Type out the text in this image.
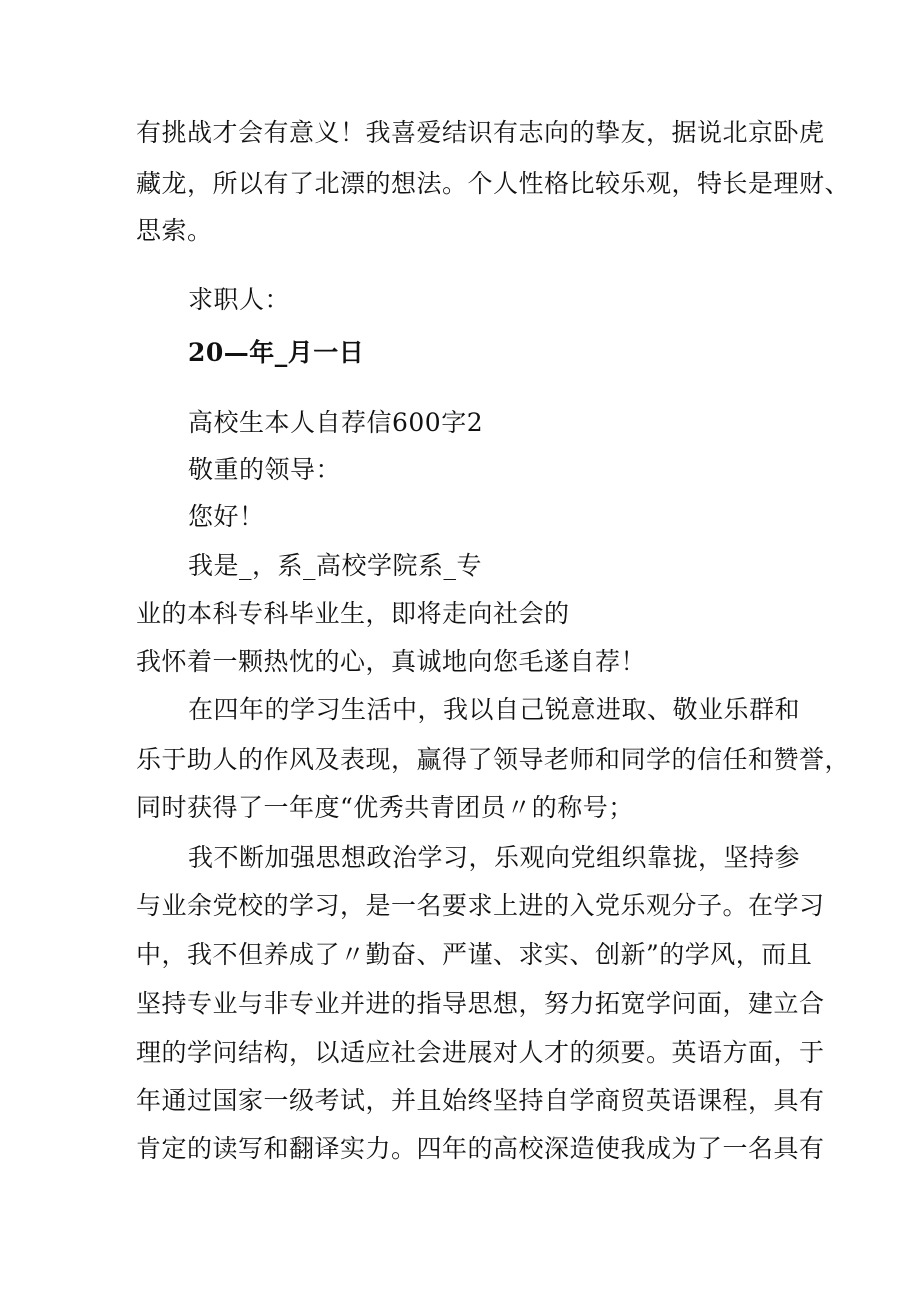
有挑战才会有意义！我喜爱结识有志向的挚友，据说北京卧虎
藏龙，所以有了北漂的想法。个人性格比较乐观，特长是理财、
思索。
求职人：
20—年_月一日
高校生本人自荐信600字2
敬重的领导：
您好！
我是_，系_高校学院系_专
业的本科专科毕业生，即将走向社会的
我怀着一颗热忱的心，真诚地向您毛遂自荐！
在四年的学习生活中，我以自己锐意进取、敬业乐群和
乐于助人的作风及表现，赢得了领导老师和同学的信任和赞誉，
同时获得了一年度“优秀共青团员〃的称号；
我不断加强思想政治学习，乐观向党组织靠拢，坚持参
与业余党校的学习，是一名要求上进的入党乐观分子。在学习
中，我不但养成了〃勤奋、严谨、求实、创新”的学风，而且
坚持专业与非专业并进的指导思想，努力拓宽学问面，建立合
理的学问结构，以适应社会进展对人才的须要。英语方面，于
年通过国家一级考试，并且始终坚持自学商贸英语课程，具有
肯定的读写和翻译实力。四年的高校深造使我成为了一名具有
